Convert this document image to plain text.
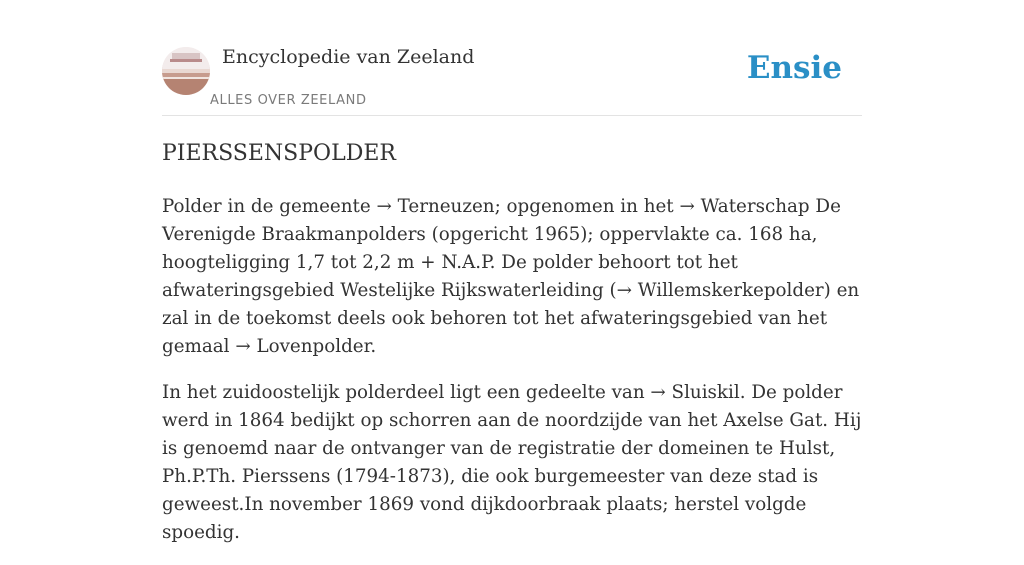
Encyclopedie van Zeeland
ALLES OVER ZEELAND
Ensie
PIERSSENSPOLDER

Polder in de gemeente → Terneuzen; opgenomen in het → Waterschap De Verenigde Braakmanpolders (opgericht 1965); oppervlakte ca. 168 ha, hoogteligging 1,7 tot 2,2 m + N.A.P. De polder behoort tot het afwateringsgebied Westelijke Rijkswaterleiding (→ Willemskerkepolder) en zal in de toekomst deels ook behoren tot het afwateringsgebied van het gemaal → Lovenpolder.

In het zuidoostelijk polderdeel ligt een gedeelte van → Sluiskil. De polder werd in 1864 bedijkt op schorren aan de noordzijde van het Axelse Gat. Hij is genoemd naar de ontvanger van de registratie der domeinen te Hulst, Ph.P.Th. Pierssens (1794-1873), die ook burgemeester van deze stad is geweest.In november 1869 vond dijkdoorbraak plaats; herstel volgde spoedig.
